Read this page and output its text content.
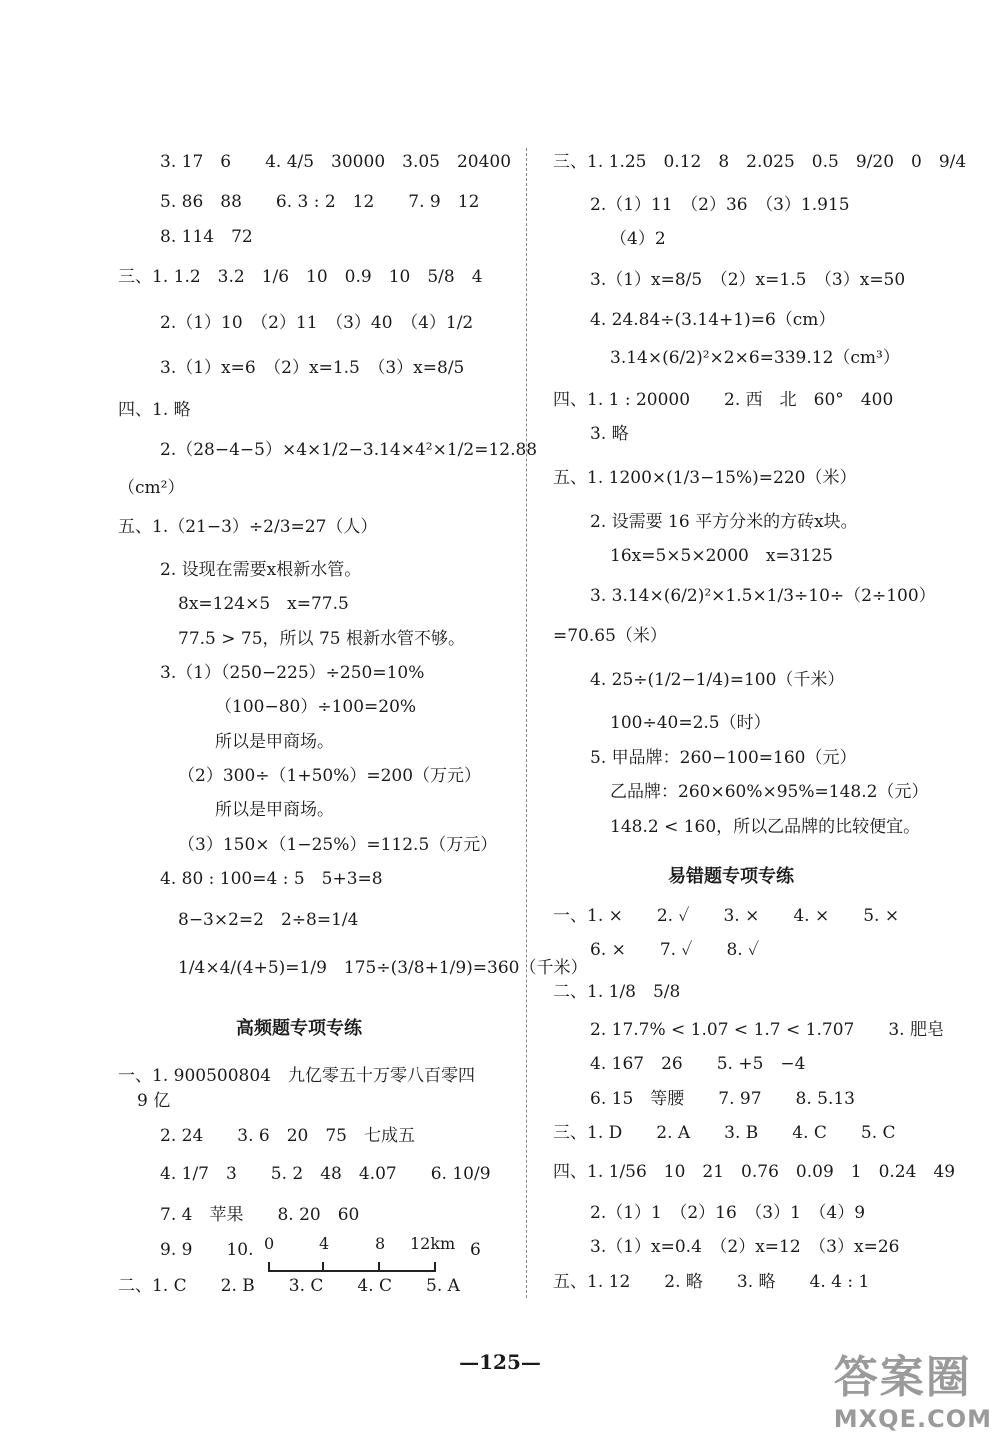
3. 17　6　　4. 4/5　30000　3.05　20400
5. 86　88　　6. 3 : 2　12　　7. 9　12
8. 114　72
三、1. 1.2　3.2　1/6　10　0.9　10　5/8　4
2.（1）10　（2）11　（3）40　（4）1/2
3.（1）x=6　（2）x=1.5　（3）x=8/5
四、1. 略
2.（28−4−5）×4×1/2−3.14×4²×1/2=12.88
（cm²）
五、1.（21−3）÷2/3=27（人）
2. 设现在需要x根新水管。
8x=124×5　x=77.5
77.5 > 75，所以 75 根新水管不够。
3.（1）（250−225）÷250=10%
（100−80）÷100=20%
所以是甲商场。
（2）300÷（1+50%）=200（万元）
所以是甲商场。
（3）150×（1−25%）=112.5（万元）
4. 80 : 100=4 : 5　5+3=8
8−3×2=2　2÷8=1/4
1/4×4/(4+5)=1/9　175÷(3/8+1/9)=360（千米）
一、1. 900500804　九亿零五十万零八百零四
9 亿
2. 24　　3. 6　20　75　七成五
4. 1/7　3　　5. 2　48　4.07　　6. 10/9
7. 4　苹果　　8. 20　60
9. 9　　10.	6
二、1. C　　2. B　　3. C　　4. C　　5. A
三、1. 1.25　0.12　8　2.025　0.5　9/20　0　9/4
2.（1）11　（2）36　（3）1.915
（4）2
3.（1）x=8/5　（2）x=1.5　（3）x=50
4. 24.84÷(3.14+1)=6（cm）
3.14×(6/2)²×2×6=339.12（cm³）
四、1. 1 : 20000　　2. 西　北　60°　400
3. 略
五、1. 1200×(1/3−15%)=220（米）
2. 设需要 16 平方分米的方砖x块。
16x=5×5×2000　x=3125
3. 3.14×(6/2)²×1.5×1/3÷10÷（2÷100）
=70.65（米）
4. 25÷(1/2−1/4)=100（千米）
100÷40=2.5（时）
5. 甲品牌：260−100=160（元）
乙品牌：260×60%×95%=148.2（元）
148.2 < 160，所以乙品牌的比较便宜。
一、1. ×　　2. ✓　　3. ×　　4. ×　　5. ×
6. ×　　7. ✓　　8. ✓
二、1. 1/8　5/8
2. 17.7% < 1.07 < 1.7 < 1.707　　3. 肥皂
4. 167　26　　5. +5　−4
6. 15　等腰　　7. 97　　8. 5.13
三、1. D　　2. A　　3. B　　4. C　　5. C
四、1. 1/56　10　21　0.76　0.09　1　0.24　49
2.（1）1　（2）16　（3）1　（4）9
3.（1）x=0.4　（2）x=12　（3）x=26
五、1. 12　　2. 略　　3. 略　　4. 4 : 1
高频题专项专练
易错题专项专练
0	4	8 12km
—125—	答案圈
MXQE.COM
